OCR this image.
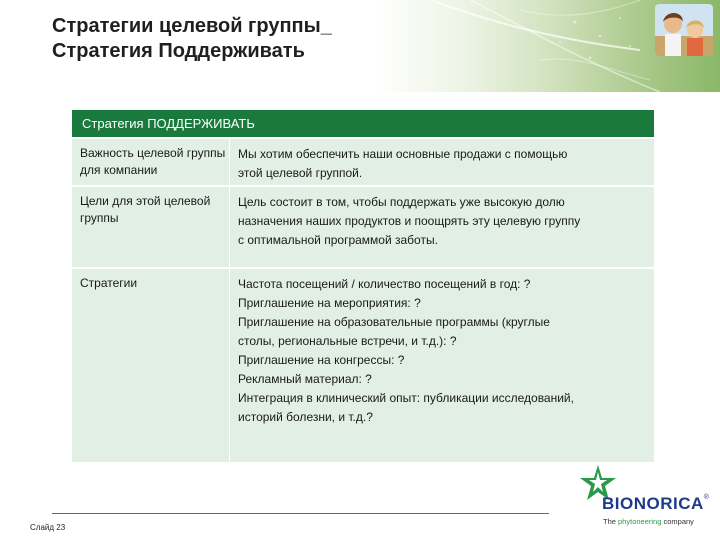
Стратегии целевой группы_
Стратегия Поддерживать
Стратегия ПОДДЕРЖИВАТЬ
Важность целевой группы для компании
Мы хотим обеспечить наши основные продажи с помощью
этой целевой группой.
Цели для этой целевой группы
Цель состоит в том, чтобы поддержать уже высокую долю
назначения наших продуктов и поощрять эту целевую группу
с оптимальной программой заботы.
Стратегии	Частота посещений / количество посещений в год: ?
Приглашение на мероприятия: ?
Приглашение на образовательные программы (круглые
столы, региональные встречи, и т.д.): ?
Приглашение на конгрессы: ?
Рекламный материал: ?
Интеграция в клинический опыт: публикации исследований,
историй болезни, и т.д.?
Слайд 23
BIONORICA®
The phytoneering company
